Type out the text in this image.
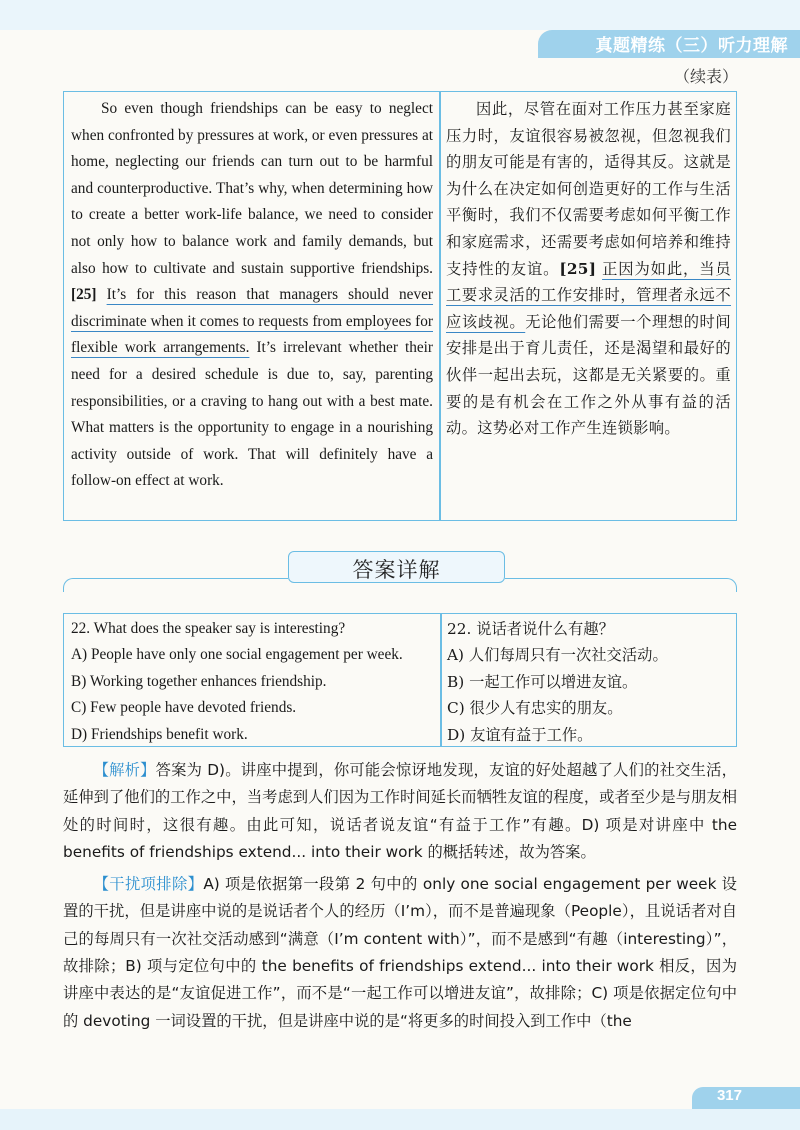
真题精练（三）听力理解
（续表）

So even though friendships can be easy to neglect when confronted by pressures at work, or even pressures at home, neglecting our friends can turn out to be harmful and counterproductive. That’s why, when determining how to create a better work-life balance, we need to consider not only how to balance work and family demands, but also how to cultivate and sustain supportive friendships. [25] It’s for this reason that managers should never discriminate when it comes to requests from employees for flexible work arrangements. It’s irrelevant whether their need for a desired schedule is due to, say, parenting responsibilities, or a craving to hang out with a best mate. What matters is the opportunity to engage in a nourishing activity outside of work. That will definitely have a follow-on effect at work.

因此，尽管在面对工作压力甚至家庭压力时，友谊很容易被忽视，但忽视我们的朋友可能是有害的，适得其反。这就是为什么在决定如何创造更好的工作与生活平衡时，我们不仅需要考虑如何平衡工作和家庭需求，还需要考虑如何培养和维持支持性的友谊。[25] 正因为如此，当员工要求灵活的工作安排时，管理者永远不应该歧视。无论他们需要一个理想的时间安排是出于育儿责任，还是渴望和最好的伙伴一起出去玩，这都是无关紧要的。重要的是有机会在工作之外从事有益的活动。这势必对工作产生连锁影响。

答案详解
22. What does the speaker say is interesting?
A) People have only one social engagement per week.
B) Working together enhances friendship.
C) Few people have devoted friends.
D) Friendships benefit work.
22. 说话者说什么有趣？
A) 人们每周只有一次社交活动。
B) 一起工作可以增进友谊。
C) 很少人有忠实的朋友。
D) 友谊有益于工作。

【解析】答案为 D)。讲座中提到，你可能会惊讶地发现，友谊的好处超越了人们的社交生活，延伸到了他们的工作之中，当考虑到人们因为工作时间延长而牺牲友谊的程度，或者至少是与朋友相处的时间时，这很有趣。由此可知，说话者说友谊“有益于工作”有趣。D) 项是对讲座中 the benefits of friendships extend... into their work 的概括转述，故为答案。

【干扰项排除】A) 项是依据第一段第 2 句中的 only one social engagement per week 设置的干扰，但是讲座中说的是说话者个人的经历（I’m），而不是普遍现象（People），且说话者对自己的每周只有一次社交活动感到“满意（I’m content with）”，而不是感到“有趣（interesting）”，故排除；B) 项与定位句中的 the benefits of friendships extend... into their work 相反，因为讲座中表达的是“友谊促进工作”，而不是“一起工作可以增进友谊”，故排除；C) 项是依据定位句中的 devoting 一词设置的干扰，但是讲座中说的是“将更多的时间投入到工作中（the

317
